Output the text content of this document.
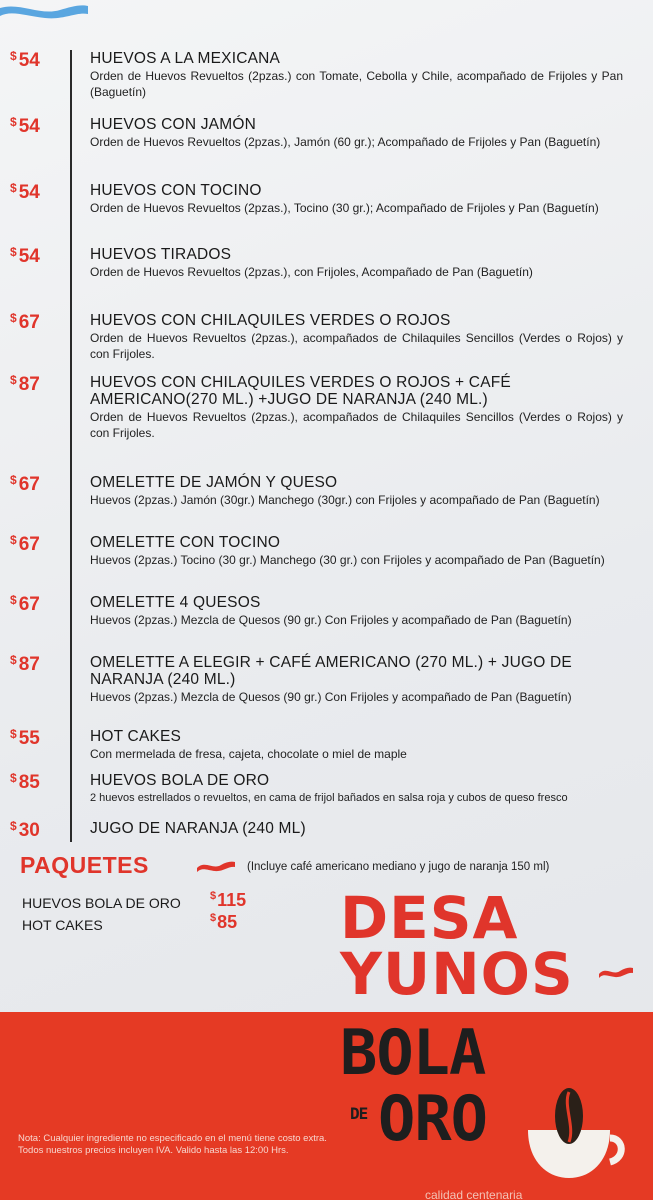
$ 54	HUEVOS A LA MEXICANA
Orden de Huevos Revueltos (2pzas.) con Tomate, Cebolla y Chile, acompañado de Frijoles y Pan (Baguetín)
$ 54	HUEVOS CON JAMÓN
Orden de Huevos Revueltos (2pzas.), Jamón (60 gr.); Acompañado de Frijoles y Pan (Baguetín)
$ 54	HUEVOS CON TOCINO
Orden de Huevos Revueltos (2pzas.), Tocino (30 gr.); Acompañado de Frijoles y Pan (Baguetín)
$ 54	HUEVOS TIRADOS
Orden de Huevos Revueltos (2pzas.), con Frijoles, Acompañado de Pan (Baguetín)
$ 67	HUEVOS CON CHILAQUILES VERDES O ROJOS
Orden de Huevos Revueltos (2pzas.), acompañados de Chilaquiles Sencillos (Verdes o Rojos) y con Frijoles.
$ 87	HUEVOS CON CHILAQUILES VERDES O ROJOS + CAFÉ AMERICANO(270 ML.) +JUGO DE NARANJA (240 ML.)
Orden de Huevos Revueltos (2pzas.), acompañados de Chilaquiles Sencillos (Verdes o Rojos) y con Frijoles.
$ 67	OMELETTE DE JAMÓN Y QUESO
Huevos (2pzas.) Jamón (30gr.) Manchego (30gr.) con Frijoles y acompañado de Pan (Baguetín)
$ 67	OMELETTE CON TOCINO
Huevos (2pzas.) Tocino (30 gr.) Manchego (30 gr.) con Frijoles y acompañado de Pan (Baguetín)
$ 67	OMELETTE 4 QUESOS
Huevos (2pzas.) Mezcla de Quesos (90 gr.) Con Frijoles y acompañado de Pan (Baguetín)
$ 87	OMELETTE A ELEGIR + CAFÉ AMERICANO (270 ML.) + JUGO DE NARANJA (240 ML.)
Huevos (2pzas.) Mezcla de Quesos (90 gr.) Con Frijoles y acompañado de Pan (Baguetín)
$ 55	HOT CAKES
Con mermelada de fresa, cajeta, chocolate o miel de maple
$ 85	HUEVOS BOLA DE ORO
2 huevos estrellados o revueltos, en cama de frijol bañados en salsa roja y cubos de queso fresco
$ 30	JUGO DE NARANJA (240 ML)
PAQUETES	(Incluye café americano mediano y jugo de naranja 150 ml)
HUEVOS BOLA DE ORO	$115
HOT CAKES	$85 DESA
YUNOS
BOLA
DE ORO
Nota: Cualquier ingrediente no especificado en el menú tiene costo extra. Todos nuestros precios incluyen IVA. Valido hasta las 12:00 Hrs.
calidad centenaria
